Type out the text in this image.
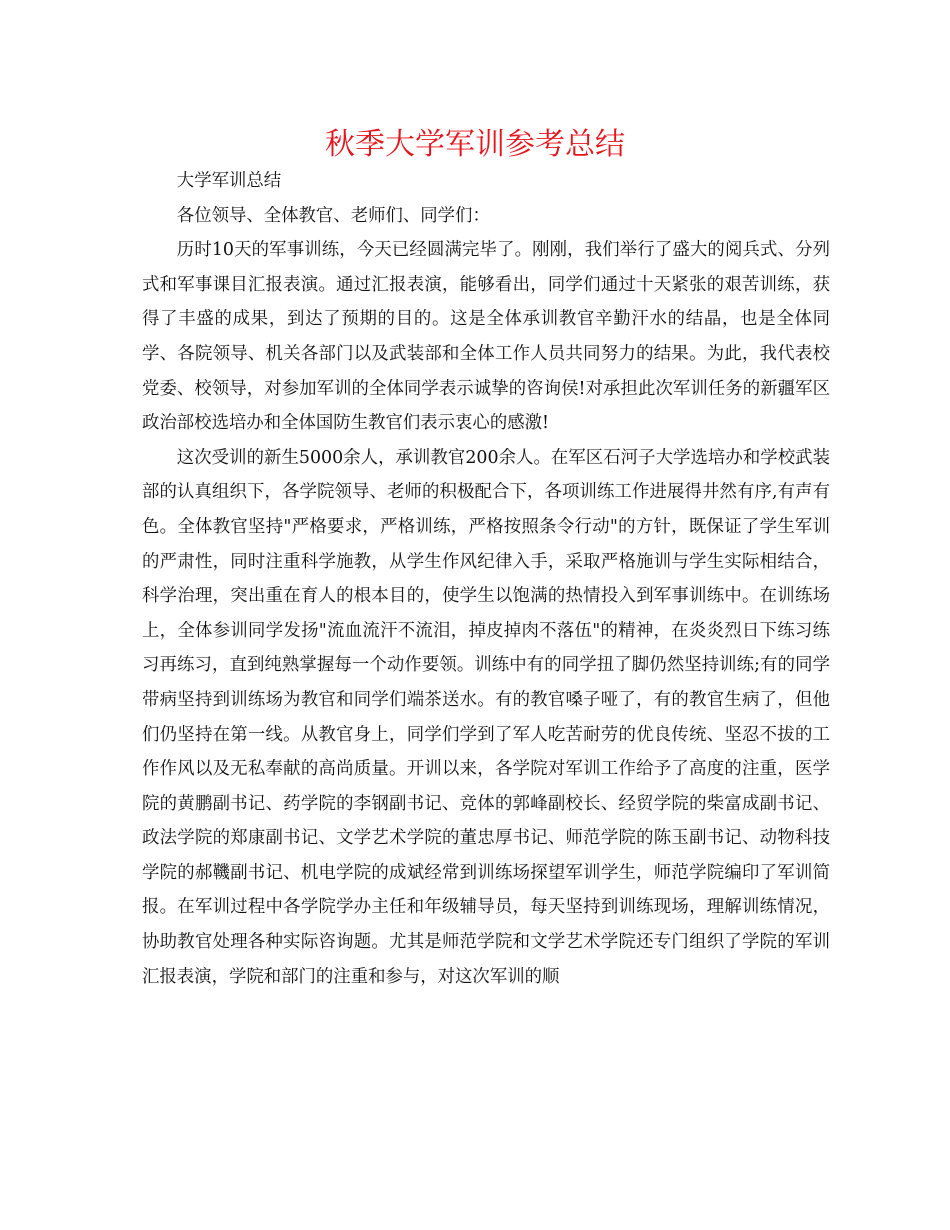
秋季大学军训参考总结

大学军训总结

各位领导、全体教官、老师们、同学们：

历时10天的军事训练，今天已经圆满完毕了。刚刚，我们举行了盛大的阅兵式、分列式和军事课目汇报表演。通过汇报表演，能够看出，同学们通过十天紧张的艰苦训练，获得了丰盛的成果，到达了预期的目的。这是全体承训教官辛勤汗水的结晶，也是全体同学、各院领导、机关各部门以及武装部和全体工作人员共同努力的结果。为此，我代表校党委、校领导，对参加军训的全体同学表示诚挚的咨询侯!对承担此次军训任务的新疆军区政治部校选培办和全体国防生教官们表示衷心的感激!

这次受训的新生5000余人，承训教官200余人。在军区石河子大学选培办和学校武装部的认真组织下，各学院领导、老师的积极配合下，各项训练工作进展得井然有序,有声有色。全体教官坚持"严格要求，严格训练，严格按照条令行动"的方针，既保证了学生军训的严肃性，同时注重科学施教，从学生作风纪律入手，采取严格施训与学生实际相结合，科学治理，突出重在育人的根本目的，使学生以饱满的热情投入到军事训练中。在训练场上，全体参训同学发扬"流血流汗不流泪，掉皮掉肉不落伍"的精神，在炎炎烈日下练习练习再练习，直到纯熟掌握每一个动作要领。训练中有的同学扭了脚仍然坚持训练;有的同学带病坚持到训练场为教官和同学们端茶送水。有的教官嗓子哑了，有的教官生病了，但他们仍坚持在第一线。从教官身上，同学们学到了军人吃苦耐劳的优良传统、坚忍不拔的工作作风以及无私奉献的高尚质量。开训以来，各学院对军训工作给予了高度的注重，医学院的黄鹏副书记、药学院的李钢副书记、竞体的郭峰副校长、经贸学院的柴富成副书记、政法学院的郑康副书记、文学艺术学院的董忠厚书记、师范学院的陈玉副书记、动物科技学院的郝鞿副书记、机电学院的成斌经常到训练场探望军训学生，师范学院编印了军训简报。在军训过程中各学院学办主任和年级辅导员，每天坚持到训练现场，理解训练情况，协助教官处理各种实际咨询题。尤其是师范学院和文学艺术学院还专门组织了学院的军训汇报表演，学院和部门的注重和参与，对这次军训的顺
